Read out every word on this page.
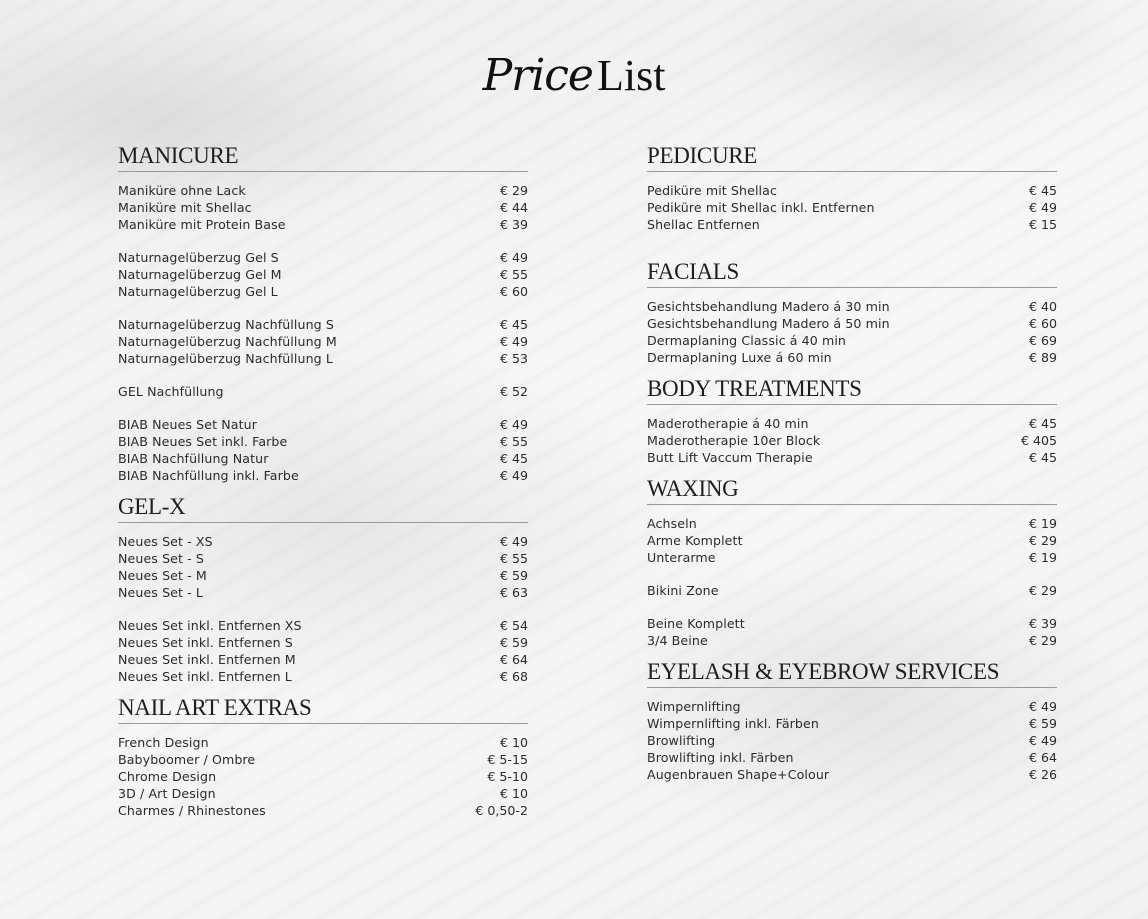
PriceList
MANICURE
Maniküre ohne Lack	€ 29
Maniküre mit Shellac	€ 44
Maniküre mit Protein Base	€ 39
Naturnagelüberzug Gel S	€ 49
Naturnagelüberzug Gel M	€ 55
Naturnagelüberzug Gel L	€ 60
Naturnagelüberzug Nachfüllung S	€ 45
Naturnagelüberzug Nachfüllung M	€ 49
Naturnagelüberzug Nachfüllung L	€ 53
GEL Nachfüllung	€ 52
BIAB Neues Set Natur	€ 49
BIAB Neues Set inkl. Farbe	€ 55
BIAB Nachfüllung Natur	€ 45
BIAB Nachfüllung inkl. Farbe	€ 49
GEL-X
Neues Set - XS	€ 49
Neues Set - S	€ 55
Neues Set - M	€ 59
Neues Set - L	€ 63
Neues Set inkl. Entfernen XS	€ 54
Neues Set inkl. Entfernen S	€ 59
Neues Set inkl. Entfernen M	€ 64
Neues Set inkl. Entfernen L	€ 68
NAIL ART EXTRAS
French Design	€ 10
Babyboomer / Ombre	€ 5-15
Chrome Design	€ 5-10
3D / Art Design	€ 10
Charmes / Rhinestones	€ 0,50-2
PEDICURE
Pediküre mit Shellac	€ 45
Pediküre mit Shellac inkl. Entfernen	€ 49
Shellac Entfernen	€ 15
FACIALS
Gesichtsbehandlung Madero á 30 min	€ 40
Gesichtsbehandlung Madero á 50 min	€ 60
Dermaplaning Classic á 40 min	€ 69
Dermaplaning Luxe á 60 min	€ 89
BODY TREATMENTS
Maderotherapie á 40 min	€ 45
Maderotherapie 10er Block	€ 405
Butt Lift Vaccum Therapie	€ 45
WAXING
Achseln	€ 19
Arme Komplett	€ 29
Unterarme	€ 19
Bikini Zone	€ 29
Beine Komplett	€ 39
3/4 Beine	€ 29
EYELASH & EYEBROW SERVICES
Wimpernlifting	€ 49
Wimpernlifting inkl. Färben	€ 59
Browlifting	€ 49
Browlifting inkl. Färben	€ 64
Augenbrauen Shape+Colour	€ 26
